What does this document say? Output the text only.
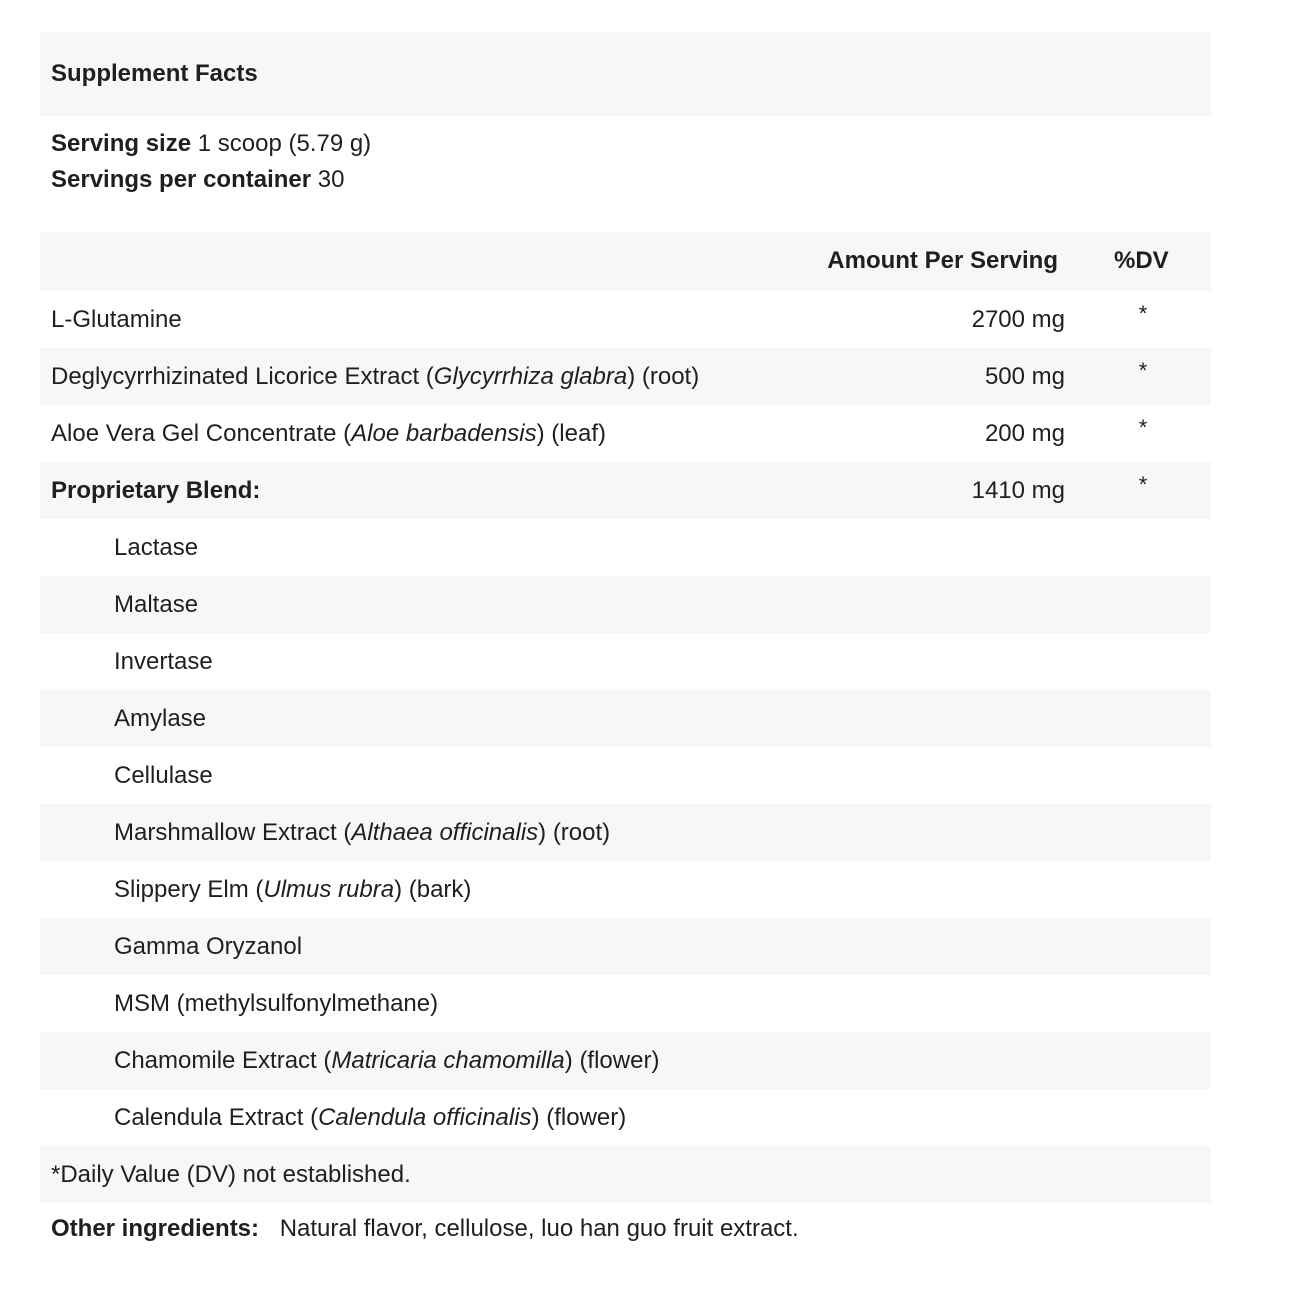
Supplement Facts
Serving size 1 scoop (5.79 g)
Servings per container 30
Amount Per Serving %DV
L-Glutamine	2700 mg	*
Deglycyrrhizinated Licorice Extract (Glycyrrhiza glabra) (root)	500 mg	*
Aloe Vera Gel Concentrate (Aloe barbadensis) (leaf)	200 mg	*
Proprietary Blend:	1410 mg	*
Lactase
Maltase
Invertase
Amylase
Cellulase
Marshmallow Extract (Althaea officinalis) (root)
Slippery Elm (Ulmus rubra) (bark)
Gamma Oryzanol
MSM (methylsulfonylmethane)
Chamomile Extract (Matricaria chamomilla) (flower)
Calendula Extract (Calendula officinalis) (flower)
*Daily Value (DV) not established.
Other ingredients: Natural flavor, cellulose, luo han guo fruit extract.
